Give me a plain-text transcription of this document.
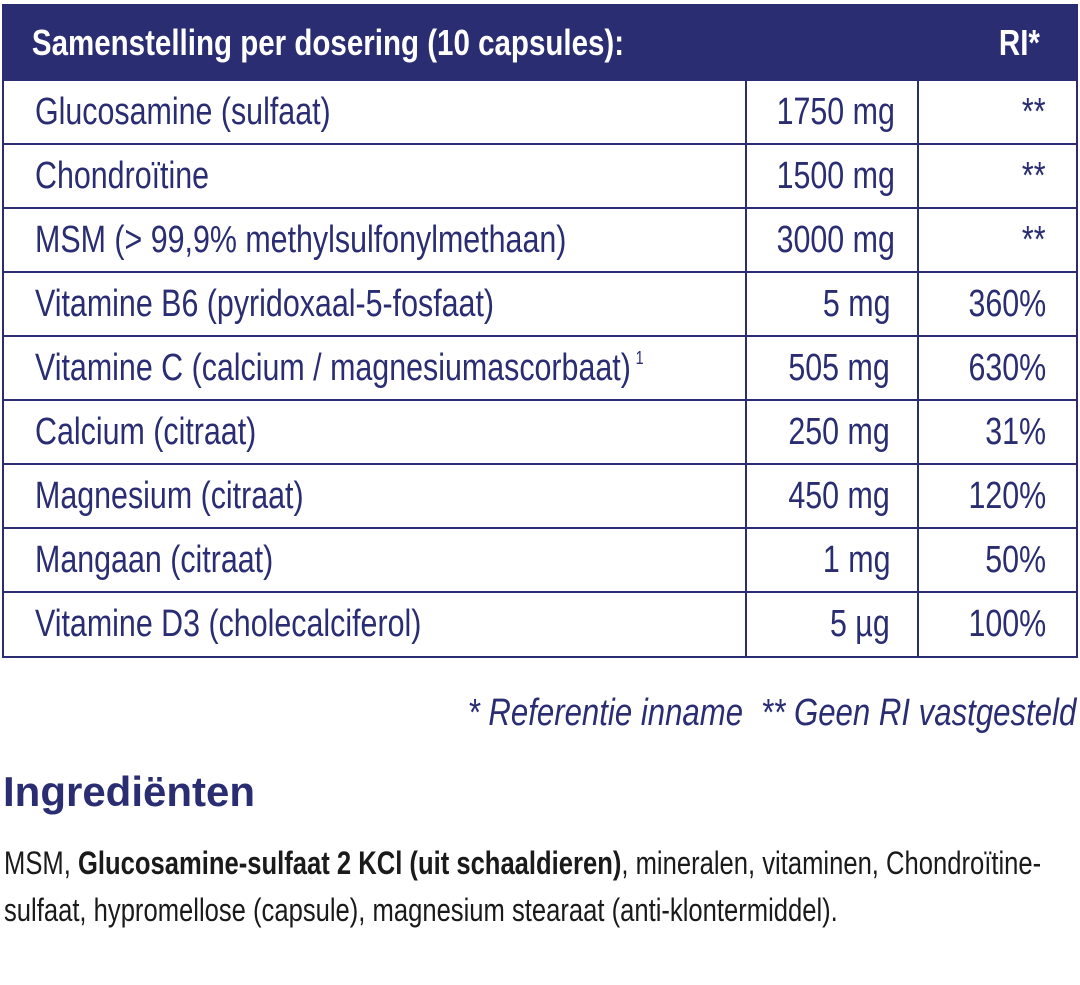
Samenstelling per dosering (10 capsules):		RI*
Glucosamine (sulfaat)	1750 mg	**
Chondroïtine	1500 mg	**
MSM (> 99,9% methylsulfonylmethaan)	3000 mg	**
Vitamine B6 (pyridoxaal-5-fosfaat)	5 mg	360%
Vitamine C (calcium / magnesiumascorbaat) $^1$	505 mg	630%
Calcium (citraat)	250 mg	31%
Magnesium (citraat)	450 mg	120%
Mangaan (citraat)	1 mg	50%
Vitamine D3 (cholecalciferol)	5 µg	100%
* Referentie inname ** Geen RI vastgesteld
Ingrediënten

MSM, Glucosamine-sulfaat 2 KCl (uit schaaldieren), mineralen, vitaminen, Chondroïtine-sulfaat, hypromellose (capsule), magnesium stearaat (anti-klontermiddel).
